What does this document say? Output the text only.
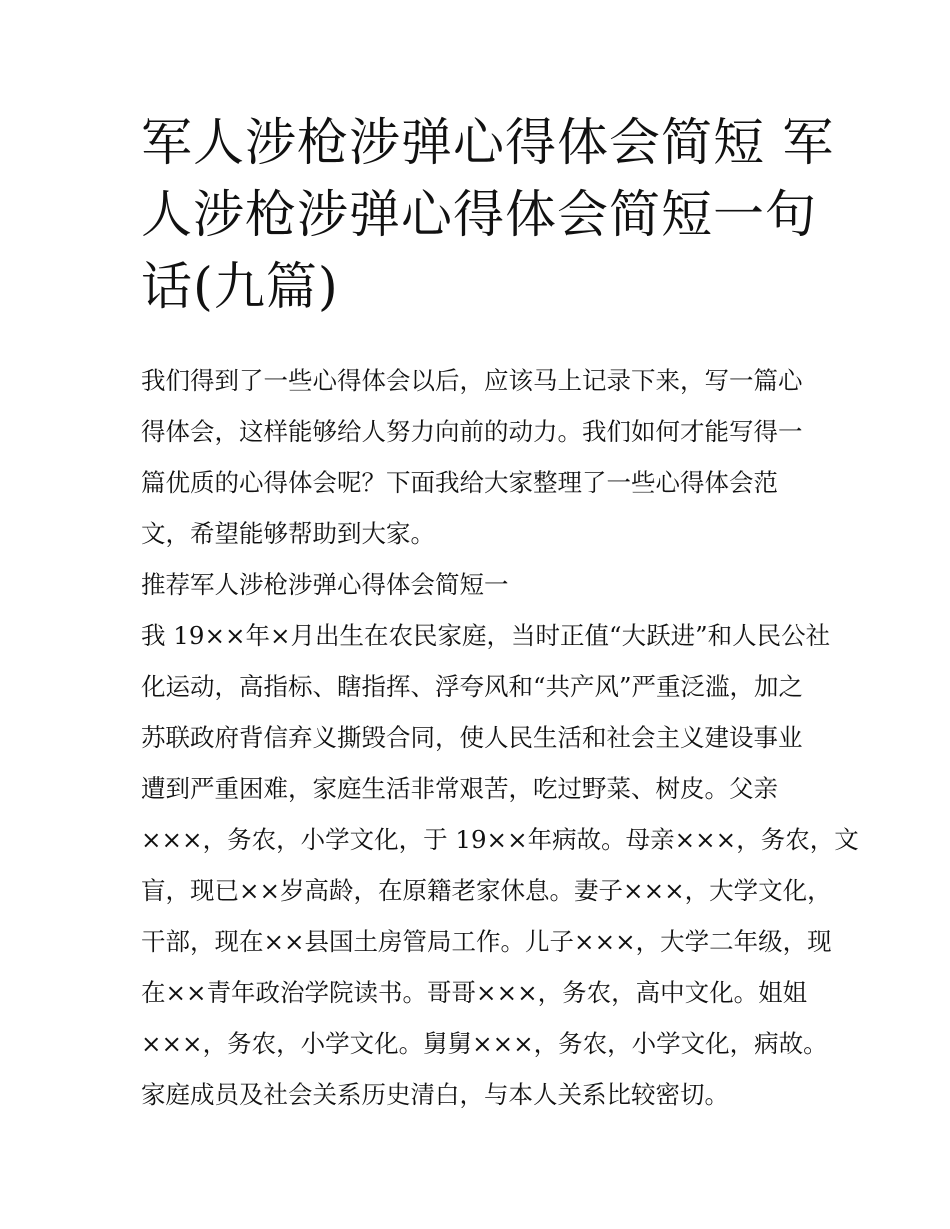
军人涉枪涉弹心得体会简短 军
人涉枪涉弹心得体会简短一句
话(九篇)
我们得到了一些心得体会以后，应该马上记录下来，写一篇心
得体会，这样能够给人努力向前的动力。我们如何才能写得一
篇优质的心得体会呢？下面我给大家整理了一些心得体会范
文，希望能够帮助到大家。
推荐军人涉枪涉弹心得体会简短一
我 19××年×月出生在农民家庭，当时正值“大跃进”和人民公社
化运动，高指标、瞎指挥、浮夸风和“共产风”严重泛滥，加之
苏联政府背信弃义撕毁合同，使人民生活和社会主义建设事业
遭到严重困难，家庭生活非常艰苦，吃过野菜、树皮。父亲
×××，务农，小学文化，于 19××年病故。母亲×××，务农，文
盲，现已××岁高龄，在原籍老家休息。妻子×××，大学文化，
干部，现在××县国土房管局工作。儿子×××，大学二年级，现
在××青年政治学院读书。哥哥×××，务农，高中文化。姐姐
×××，务农，小学文化。舅舅×××，务农，小学文化，病故。
家庭成员及社会关系历史清白，与本人关系比较密切。
